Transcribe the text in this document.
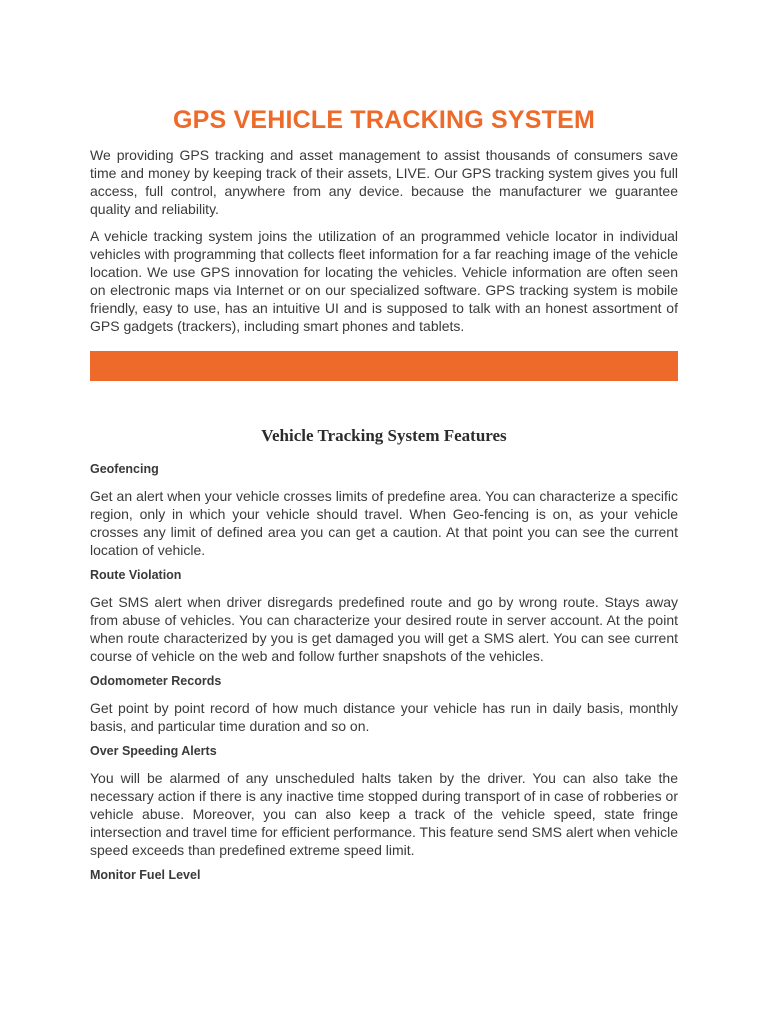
GPS VEHICLE TRACKING SYSTEM

We providing GPS tracking and asset management to assist thousands of consumers save time and money by keeping track of their assets, LIVE. Our GPS tracking system gives you full access, full control, anywhere from any device. because the manufacturer we guarantee quality and reliability.

A vehicle tracking system joins the utilization of an programmed vehicle locator in individual vehicles with programming that collects fleet information for a far reaching image of the vehicle location. We use GPS innovation for locating the vehicles. Vehicle information are often seen on electronic maps via Internet or on our specialized software. GPS tracking system is mobile friendly, easy to use, has an intuitive UI and is supposed to talk with an honest assortment of GPS gadgets (trackers), including smart phones and tablets.

Vehicle Tracking System Features
Geofencing

Get an alert when your vehicle crosses limits of predefine area. You can characterize a specific region, only in which your vehicle should travel. When Geo-fencing is on, as your vehicle crosses any limit of defined area you can get a caution. At that point you can see the current location of vehicle.

Route Violation

Get SMS alert when driver disregards predefined route and go by wrong route. Stays away from abuse of vehicles. You can characterize your desired route in server account. At the point when route characterized by you is get damaged you will get a SMS alert. You can see current course of vehicle on the web and follow further snapshots of the vehicles.

Odomometer Records

Get point by point record of how much distance your vehicle has run in daily basis, monthly basis, and particular time duration and so on.

Over Speeding Alerts

You will be alarmed of any unscheduled halts taken by the driver. You can also take the necessary action if there is any inactive time stopped during transport of in case of robberies or vehicle abuse. Moreover, you can also keep a track of the vehicle speed, state fringe intersection and travel time for efficient performance. This feature send SMS alert when vehicle speed exceeds than predefined extreme speed limit.

Monitor Fuel Level
